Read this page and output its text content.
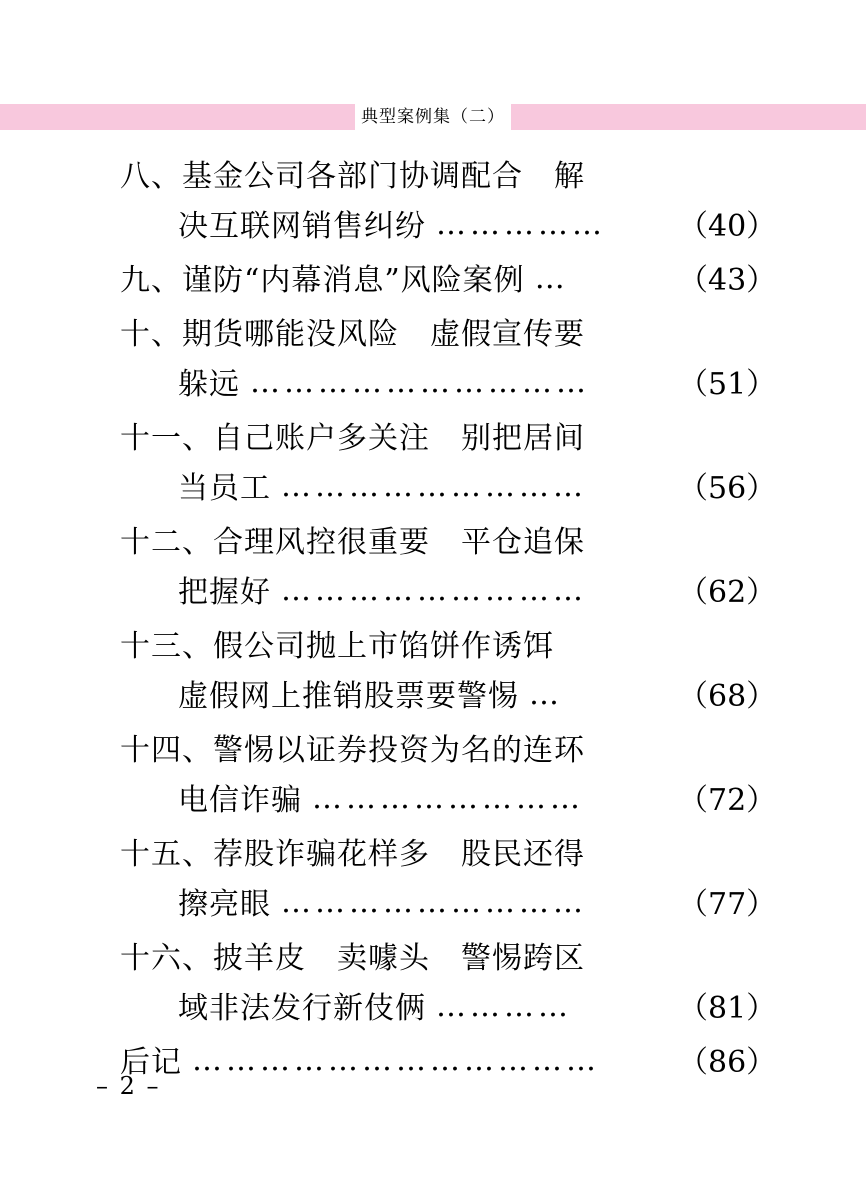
典型案例集（二）
八、基金公司各部门协调配合　解
决互联网销售纠纷 ……………	（40）
九、谨防“内幕消息”风险案例 …	（43）
十、期货哪能没风险　虚假宣传要
躲远 …………………………	（51）
十一、自己账户多关注　别把居间
当员工 ………………………	（56）
十二、合理风控很重要　平仓追保
把握好 ………………………	（62）
十三、假公司抛上市馅饼作诱饵
虚假网上推销股票要警惕 …	（68）
十四、警惕以证券投资为名的连环
电信诈骗 ……………………	（72）
十五、荐股诈骗花样多　股民还得
擦亮眼 ………………………	（77）
十六、披羊皮　卖噱头　警惕跨区
域非法发行新伎俩 …………	（81）
后记 ………………………………	（86）
– 2 –
